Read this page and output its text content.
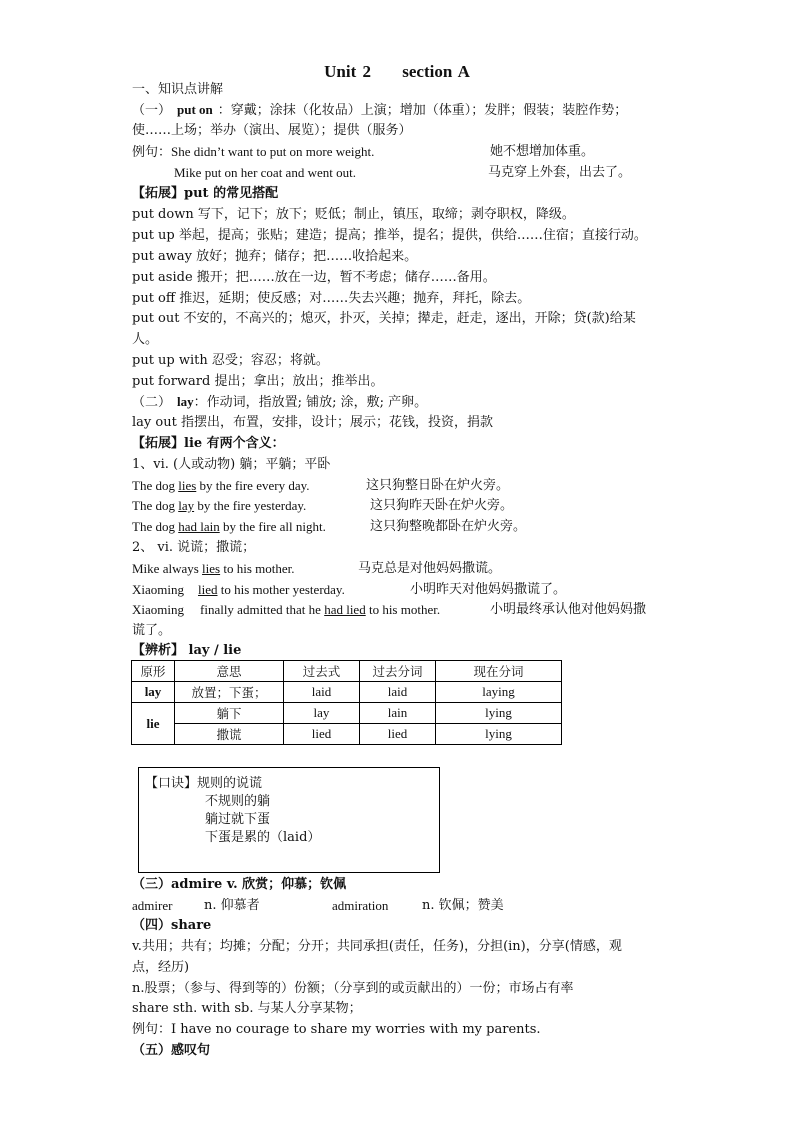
Unit 2     section A
一、知识点讲解
（一） put on ：穿戴；涂抹（化妆品）上演；增加（体重）；发胖；假装；装腔作势；
使……上场；举办（演出、展览）；提供（服务）
例句：She didn’t want to put on more weight.	她不想增加体重。
Mike put on her coat and went out.	马克穿上外套，出去了。
【拓展】put 的常见搭配
put down 写下，记下；放下；贬低；制止，镇压，取缔；剥夺职权，降级。
put up 举起，提高；张贴；建造；提高；推举，提名；提供，供给……住宿；直接行动。
put away 放好；抛弃；储存；把……收拾起来。
put aside 搬开；把……放在一边，暂不考虑；储存……备用。
put off 推迟，延期；使反感；对……失去兴趣；抛弃，拜托，除去。
put out 不安的，不高兴的；熄灭，扑灭，关掉；撵走，赶走，逐出，开除；贷(款)给某
人。
put up with 忍受；容忍；将就。
put forward 提出；拿出；放出；推举出。
（二） lay：作动词，指放置; 铺放; 涂，敷; 产卵。
lay out 指摆出，布置，安排，设计；展示；花钱，投资，捐款
【拓展】lie 有两个含义：
1、vi. (人或动物) 躺；平躺；平卧
The dog lies by the fire every day.	这只狗整日卧在炉火旁。
The dog lay by the fire yesterday.	这只狗昨天卧在炉火旁。
The dog had lain by the fire all night.	这只狗整晚都卧在炉火旁。
2、 vi. 说谎；撒谎；
Mike always lies to his mother.	马克总是对他妈妈撒谎。
Xiaoming lied to his mother yesterday.	小明昨天对他妈妈撒谎了。
Xiaoming finally admitted that he had lied to his mother.	小明最终承认他对他妈妈撒
谎了。
【辨析】 lay / lie
原形	意思	过去式	过去分词	现在分词
lay	放置；下蛋；	laid	laid	laying
lie	躺下	lay	lain	lying
	撒谎	lied	lied	lying
【口诀】规则的说谎
不规则的躺
躺过就下蛋
下蛋是累的（laid）
（三）admire v. 欣赏；仰慕；钦佩
admirer n. 仰慕者	admiration	n. 钦佩；赞美
（四）share
v.共用；共有；均摊；分配；分开；共同承担(责任，任务)，分担(in)，分享(情感，观
点，经历)
n.股票；（参与、得到等的）份额；（分享到的或贡献出的）一份；市场占有率
share sth. with sb. 与某人分享某物；
例句：I have no courage to share my worries with my parents.
（五）感叹句
